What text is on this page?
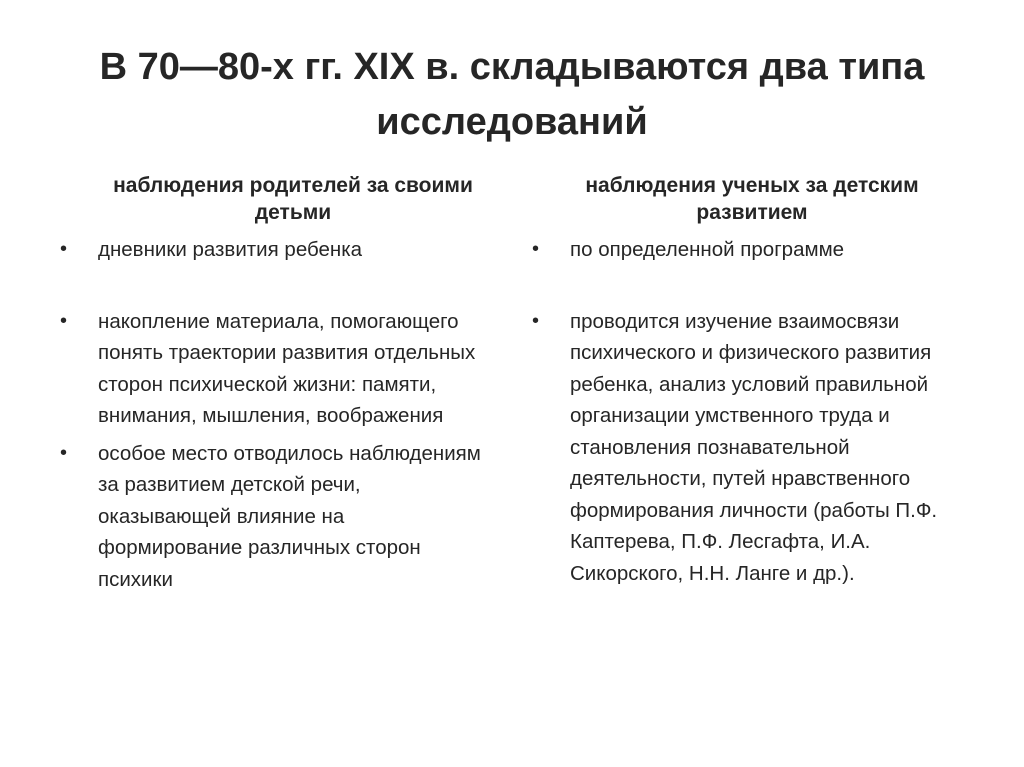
В 70—80-х гг. XIX в. складываются два типа исследований
наблюдения родителей за своими детьми
• дневники развития ребенка
• накопление материала, помогающего понять траектории развития отдельных сторон психической жизни: памяти, внимания, мышления, воображения
• особое место отводилось наблюдениям за развитием детской речи, оказывающей влияние на формирование различных сторон психики
наблюдения ученых за детским развитием
• по определенной программе
• проводится изучение взаимосвязи психического и физического развития ребенка, анализ условий правильной организации умственного труда и становления познавательной деятельности, путей нравственного формирования личности (работы П.Ф. Каптерева, П.Ф. Лесгафта, И.А. Сикорского, Н.Н. Ланге и др.).
